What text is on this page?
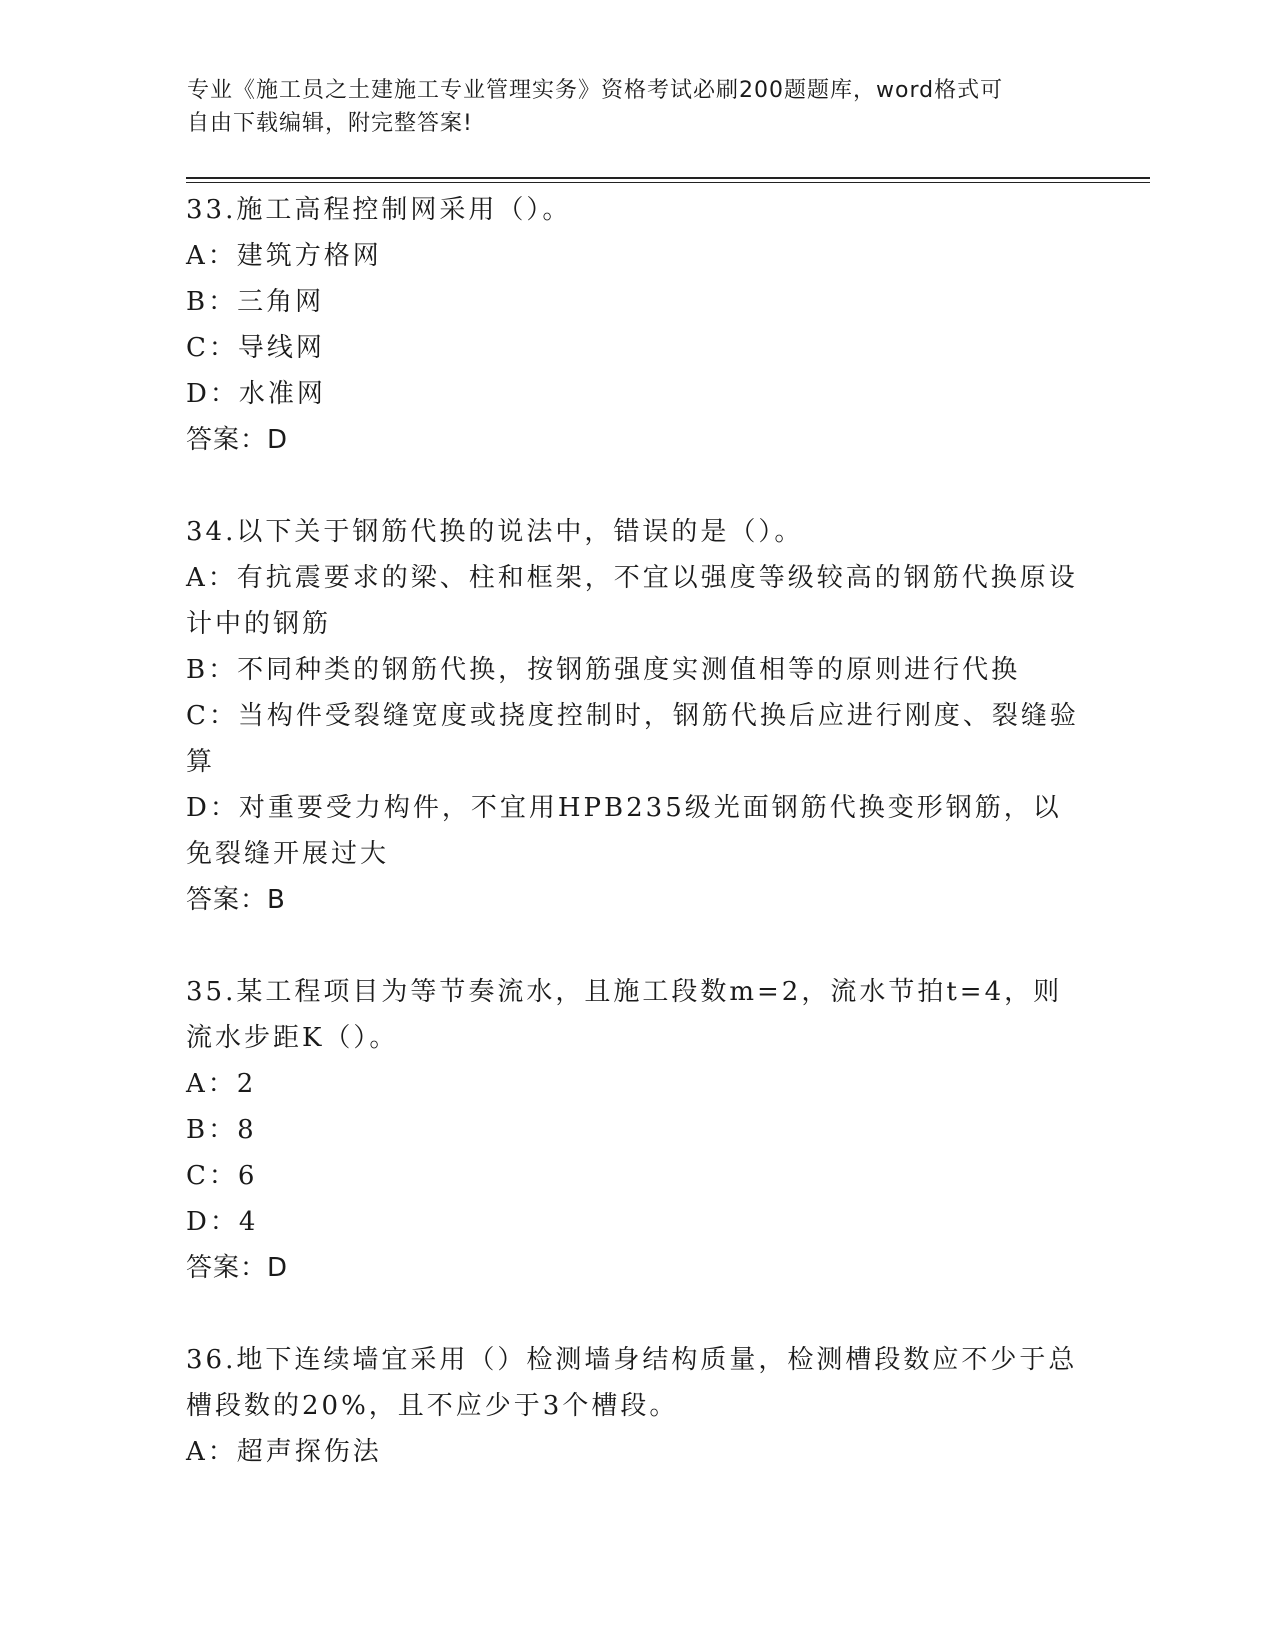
专业《施工员之土建施工专业管理实务》资格考试必刷200题题库，word格式可
自由下载编辑，附完整答案!
33.施工高程控制网采用（）。
A：建筑方格网
B：三角网
C：导线网
D：水准网
答案：D
34.以下关于钢筋代换的说法中，错误的是（）。
A：有抗震要求的梁、柱和框架，不宜以强度等级较高的钢筋代换原设计中的钢筋
B：不同种类的钢筋代换，按钢筋强度实测值相等的原则进行代换
C：当构件受裂缝宽度或挠度控制时，钢筋代换后应进行刚度、裂缝验算
D：对重要受力构件，不宜用HPB235级光面钢筋代换变形钢筋，以免裂缝开展过大
答案：B
35.某工程项目为等节奏流水，且施工段数m=2，流水节拍t=4，则流水步距K（）。
A：2
B：8
C：6
D：4
答案：D
36.地下连续墙宜采用（）检测墙身结构质量，检测槽段数应不少于总槽段数的20%，且不应少于3个槽段。
A：超声探伤法
